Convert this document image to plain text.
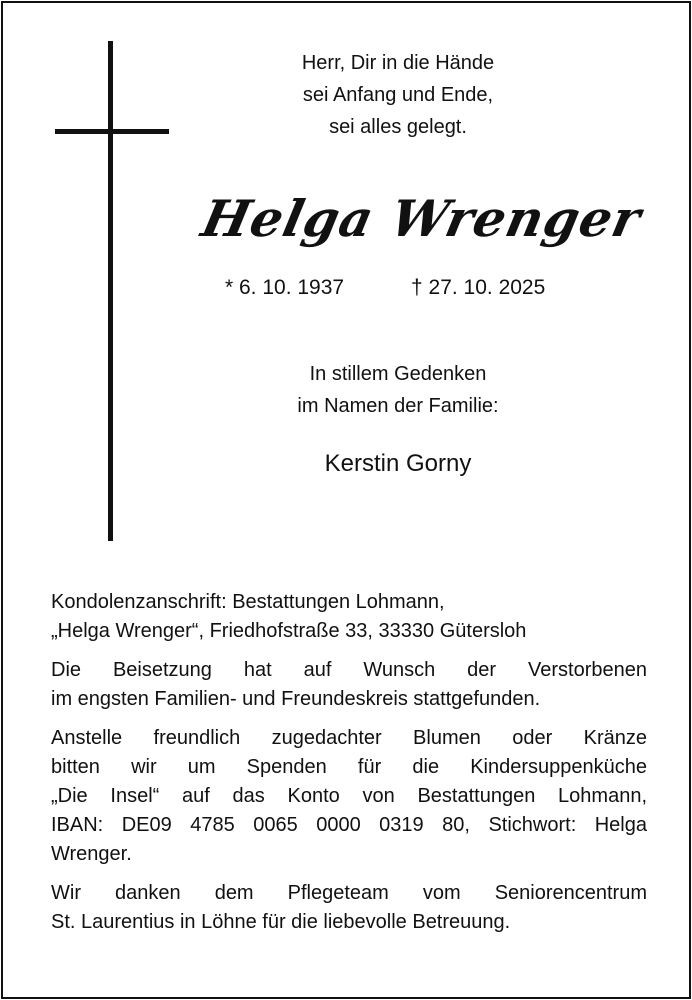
Herr, Dir in die Hände
sei Anfang und Ende,
sei alles gelegt.
Helga Wrenger
* 6. 10. 1937	† 27. 10. 2025
In stillem Gedenken
im Namen der Familie:
Kerstin Gorny
Kondolenzanschrift: Bestattungen Lohmann,
„Helga Wrenger“, Friedhofstraße 33, 33330 Gütersloh
Die Beisetzung hat auf Wunsch der Verstorbenen
im engsten Familien- und Freundeskreis stattgefunden.
Anstelle freundlich zugedachter Blumen oder Kränze
bitten wir um Spenden für die Kindersuppenküche
„Die Insel“ auf das Konto von Bestattungen Lohmann,
IBAN: DE09 4785 0065 0000 0319 80, Stichwort: Helga
Wrenger.
Wir danken dem Pflegeteam vom Seniorencentrum
St. Laurentius in Löhne für die liebevolle Betreuung.
